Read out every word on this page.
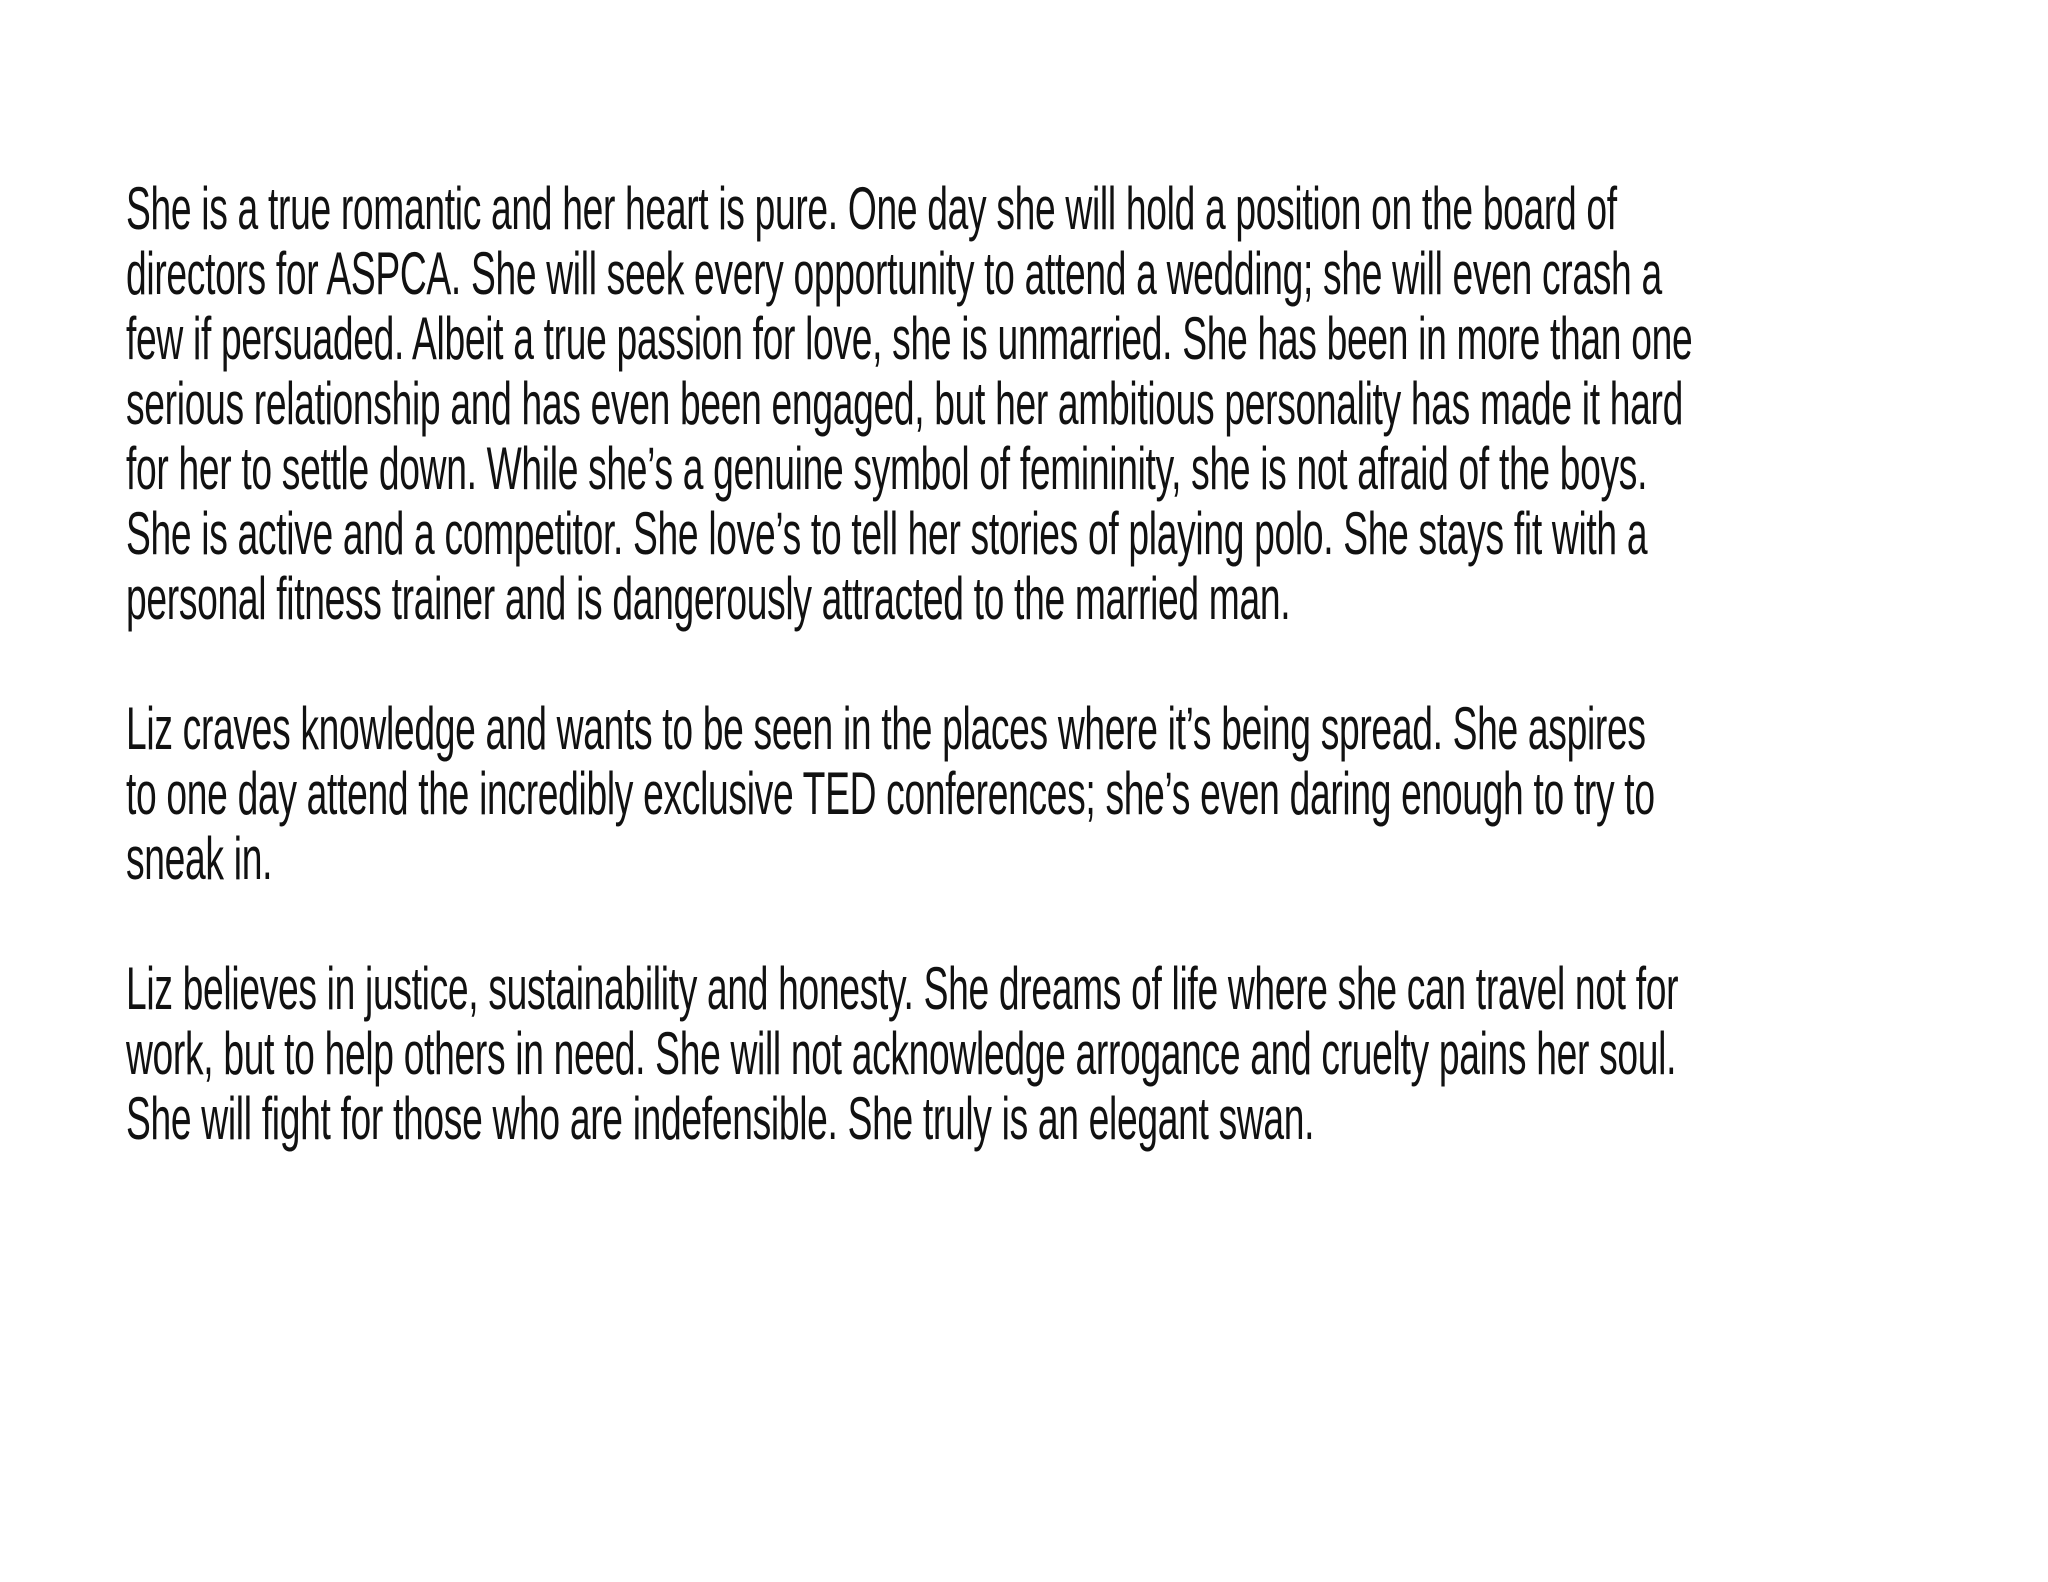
She is a true romantic and her heart is pure. One day she will hold a position on the board of
directors for ASPCA. She will seek every opportunity to attend a wedding; she will even crash a
few if persuaded. Albeit a true passion for love, she is unmarried. She has been in more than one
serious relationship and has even been engaged, but her ambitious personality has made it hard
for her to settle down. While she’s a genuine symbol of femininity, she is not afraid of the boys.
She is active and a competitor. She love’s to tell her stories of playing polo. She stays fit with a
personal fitness trainer and is dangerously attracted to the married man.
Liz craves knowledge and wants to be seen in the places where it’s being spread. She aspires
to one day attend the incredibly exclusive TED conferences; she’s even daring enough to try to
sneak in.
Liz believes in justice, sustainability and honesty. She dreams of life where she can travel not for
work, but to help others in need. She will not acknowledge arrogance and cruelty pains her soul.
She will fight for those who are indefensible. She truly is an elegant swan.
